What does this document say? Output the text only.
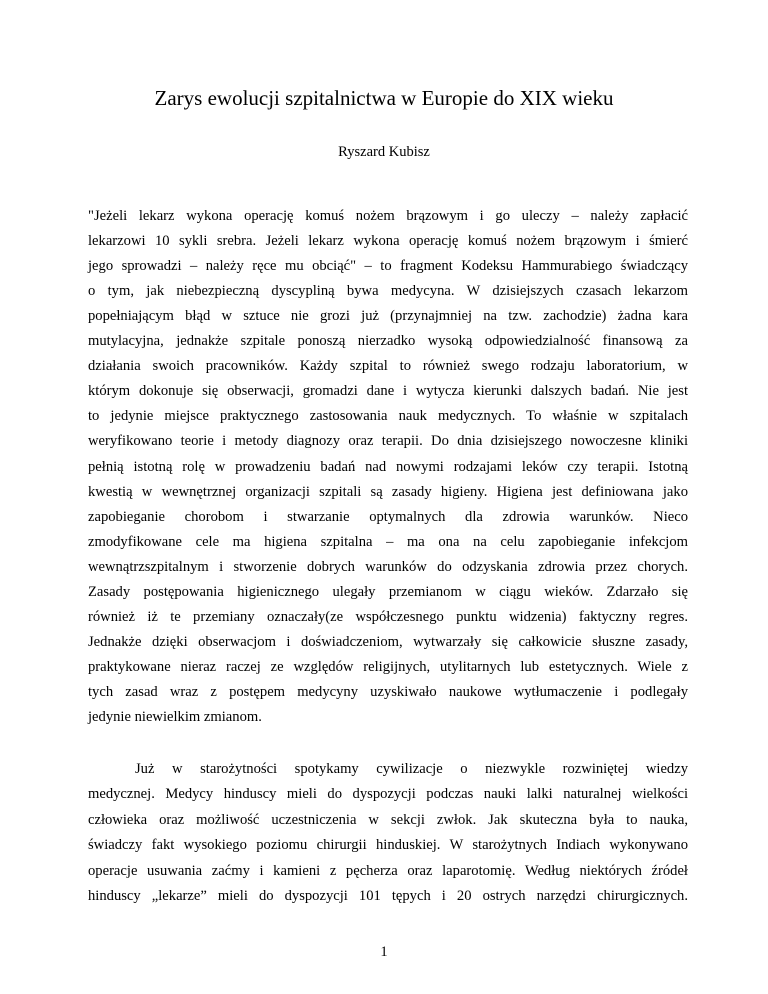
Zarys ewolucji szpitalnictwa w Europie do XIX wieku
Ryszard Kubisz
"Jeżeli lekarz wykona operację komuś nożem brązowym i go uleczy – należy zapłacić
lekarzowi 10 sykli srebra. Jeżeli lekarz wykona operację komuś nożem brązowym i śmierć
jego sprowadzi – należy ręce mu obciąć" – to fragment Kodeksu Hammurabiego świadczący
o tym, jak niebezpieczną dyscypliną bywa medycyna. W dzisiejszych czasach lekarzom
popełniającym błąd w sztuce nie grozi już (przynajmniej na tzw. zachodzie) żadna kara
mutylacyjna, jednakże szpitale ponoszą nierzadko wysoką odpowiedzialność finansową za
działania swoich pracowników. Każdy szpital to również swego rodzaju laboratorium, w
którym dokonuje się obserwacji, gromadzi dane i wytycza kierunki dalszych badań. Nie jest
to jedynie miejsce praktycznego zastosowania nauk medycznych. To właśnie w szpitalach
weryfikowano teorie i metody diagnozy oraz terapii. Do dnia dzisiejszego nowoczesne kliniki
pełnią istotną rolę w prowadzeniu badań nad nowymi rodzajami leków czy terapii. Istotną
kwestią w wewnętrznej organizacji szpitali są zasady higieny. Higiena jest definiowana jako
zapobieganie chorobom i stwarzanie optymalnych dla zdrowia warunków. Nieco
zmodyfikowane cele ma higiena szpitalna – ma ona na celu zapobieganie infekcjom
wewnątrzszpitalnym i stworzenie dobrych warunków do odzyskania zdrowia przez chorych.
Zasady postępowania higienicznego ulegały przemianom w ciągu wieków. Zdarzało się
również iż te przemiany oznaczały(ze współczesnego punktu widzenia) faktyczny regres.
Jednakże dzięki obserwacjom i doświadczeniom, wytwarzały się całkowicie słuszne zasady,
praktykowane nieraz raczej ze względów religijnych, utylitarnych lub estetycznych. Wiele z
tych zasad wraz z postępem medycyny uzyskiwało naukowe wytłumaczenie i podlegały
jedynie niewielkim zmianom.
Już w starożytności spotykamy cywilizacje o niezwykle rozwiniętej wiedzy
medycznej. Medycy hinduscy mieli do dyspozycji podczas nauki lalki naturalnej wielkości
człowieka oraz możliwość uczestniczenia w sekcji zwłok. Jak skuteczna była to nauka,
świadczy fakt wysokiego poziomu chirurgii hinduskiej. W starożytnych Indiach wykonywano
operacje usuwania zaćmy i kamieni z pęcherza oraz laparotomię. Według niektórych źródeł
hinduscy „lekarze” mieli do dyspozycji 101 tępych i 20 ostrych narzędzi chirurgicznych.
1
